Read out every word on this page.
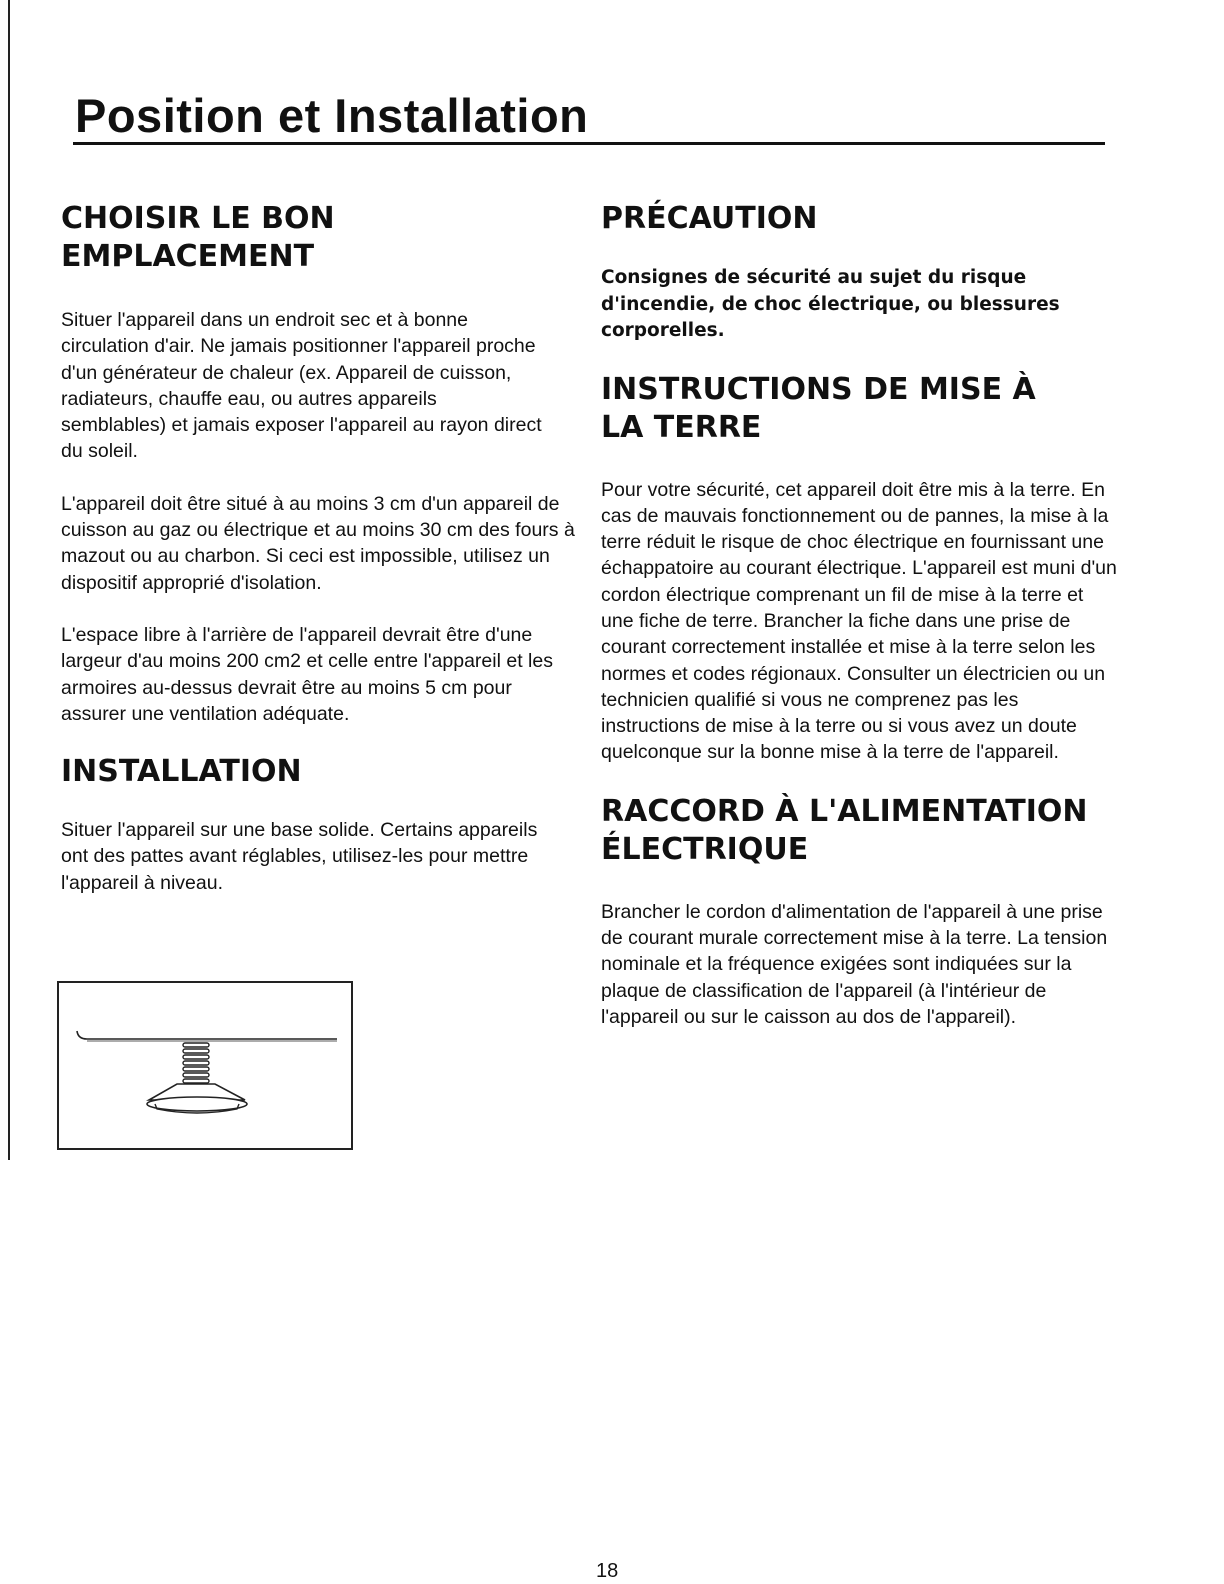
Position et Installation
CHOISIR LE BON EMPLACEMENT

Situer l'appareil dans un endroit sec et à bonne circulation d'air. Ne jamais positionner l'appareil proche d'un générateur de chaleur (ex. Appareil de cuisson, radiateurs, chauffe eau, ou autres appareils semblables) et jamais exposer l'appareil au rayon direct du soleil.

L'appareil doit être situé à au moins 3 cm d'un appareil de cuisson au gaz ou électrique et au moins 30 cm des fours à mazout ou au charbon. Si ceci est impossible, utilisez un dispositif approprié d'isolation.

L'espace libre à l'arrière de l'appareil devrait être d'une largeur d'au moins 200 cm2 et celle entre l'appareil et les armoires au-dessus devrait être au moins 5 cm pour assurer une ventilation adéquate.

INSTALLATION

Situer l'appareil sur une base solide. Certains appareils ont des pattes avant réglables, utilisez-les pour mettre l'appareil à niveau.

PRÉCAUTION

Consignes de sécurité au sujet du risque d'incendie, de choc électrique, ou blessures corporelles.

INSTRUCTIONS DE MISE À LA TERRE

Pour votre sécurité, cet appareil doit être mis à la terre. En cas de mauvais fonctionnement ou de pannes, la mise à la terre réduit le risque de choc électrique en fournissant une échappatoire au courant électrique. L'appareil est muni d'un cordon électrique comprenant un fil de mise à la terre et une fiche de terre. Brancher la fiche dans une prise de courant correctement installée et mise à la terre selon les normes et codes régionaux. Consulter un électricien ou un technicien qualifié si vous ne comprenez pas les instructions de mise à la terre ou si vous avez un doute quelconque sur la bonne mise à la terre de l'appareil.

RACCORD À L'ALIMENTATION ÉLECTRIQUE

Brancher le cordon d'alimentation de l'appareil à une prise de courant murale correctement mise à la terre. La tension nominale et la fréquence exigées sont indiquées sur la plaque de classification de l'appareil (à l'intérieur de l'appareil ou sur le caisson au dos de l'appareil).

18
